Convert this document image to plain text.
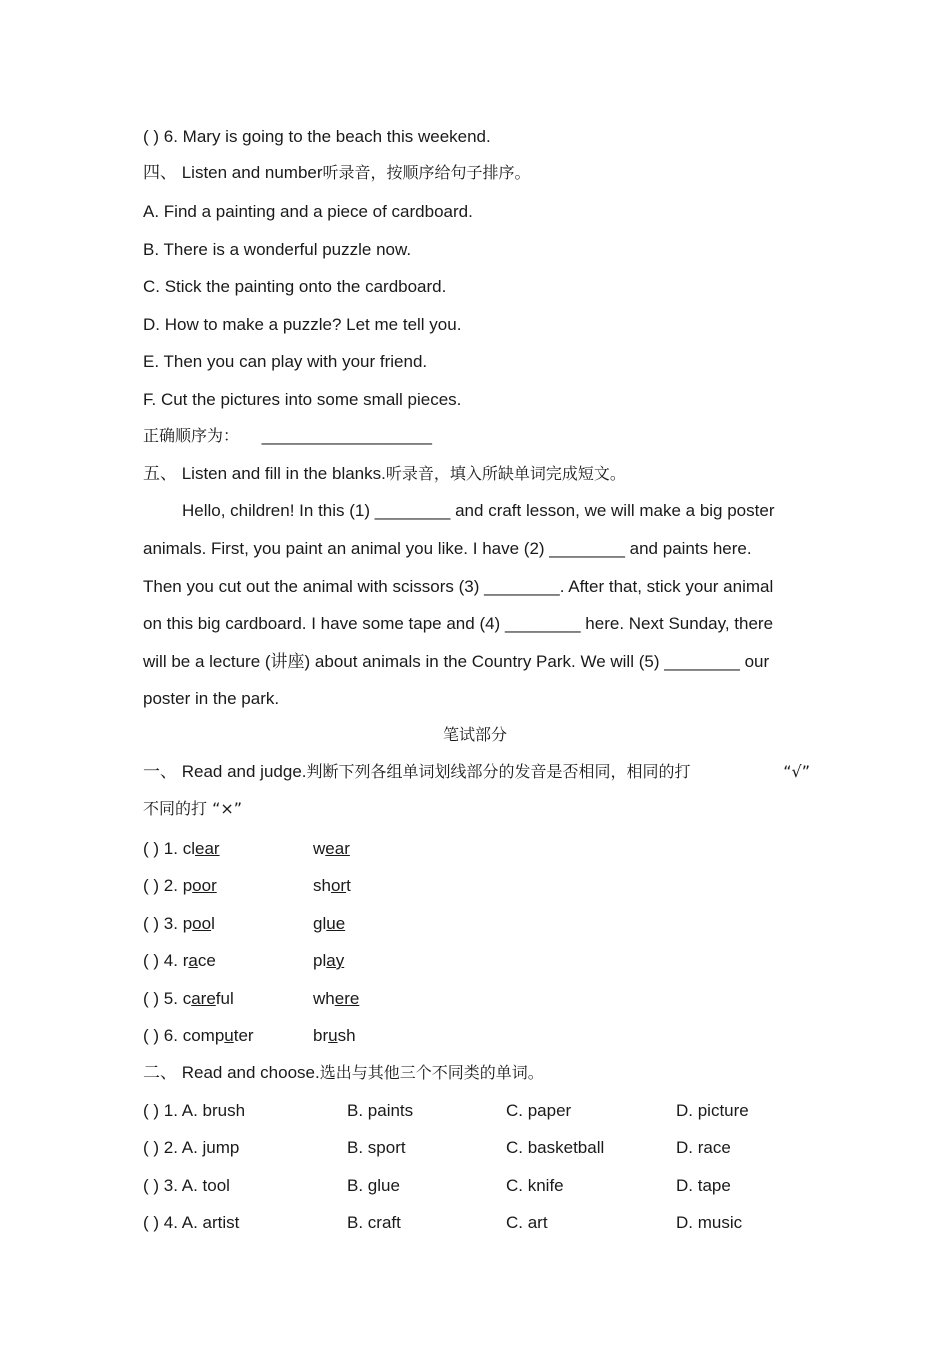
( ) 6. Mary is going to the beach this weekend.
四、 Listen and number听录音，按顺序给句子排序。
A. Find a painting and a piece of cardboard.
B. There is a wonderful puzzle now.
C. Stick the painting onto the cardboard.
D. How to make a puzzle? Let me tell you.
E. Then you can play with your friend.
F. Cut the pictures into some small pieces.
正确顺序为： __________________
五、 Listen and fill in the blanks.听录音，填入所缺单词完成短文。
Hello, children! In this (1) ________ and craft lesson, we will make a big poster
animals. First, you paint an animal you like. I have (2) ________ and paints here.
Then you cut out the animal with scissors (3) ________. After that, stick your animal
on this big cardboard. I have some tape and (4) ________ here. Next Sunday, there
will be a lecture (讲座) about animals in the Country Park. We will (5) ________ our
poster in the park.
笔试部分
一、 Read and judge.判断下列各组单词划线部分的发音是否相同，相同的打	“√”
不同的打 “×”
( ) 1. clear	wear
( ) 2. poor	short
( ) 3. pool	glue
( ) 4. race	play
( ) 5. careful	where
( ) 6. computer	brush
二、 Read and choose.选出与其他三个不同类的单词。
( ) 1. A. brush	B. paints	C. paper	D. picture
( ) 2. A. jump	B. sport	C. basketball	D. race
( ) 3. A. tool	B. glue	C. knife	D. tape
( ) 4. A. artist	B. craft	C. art	D. music
